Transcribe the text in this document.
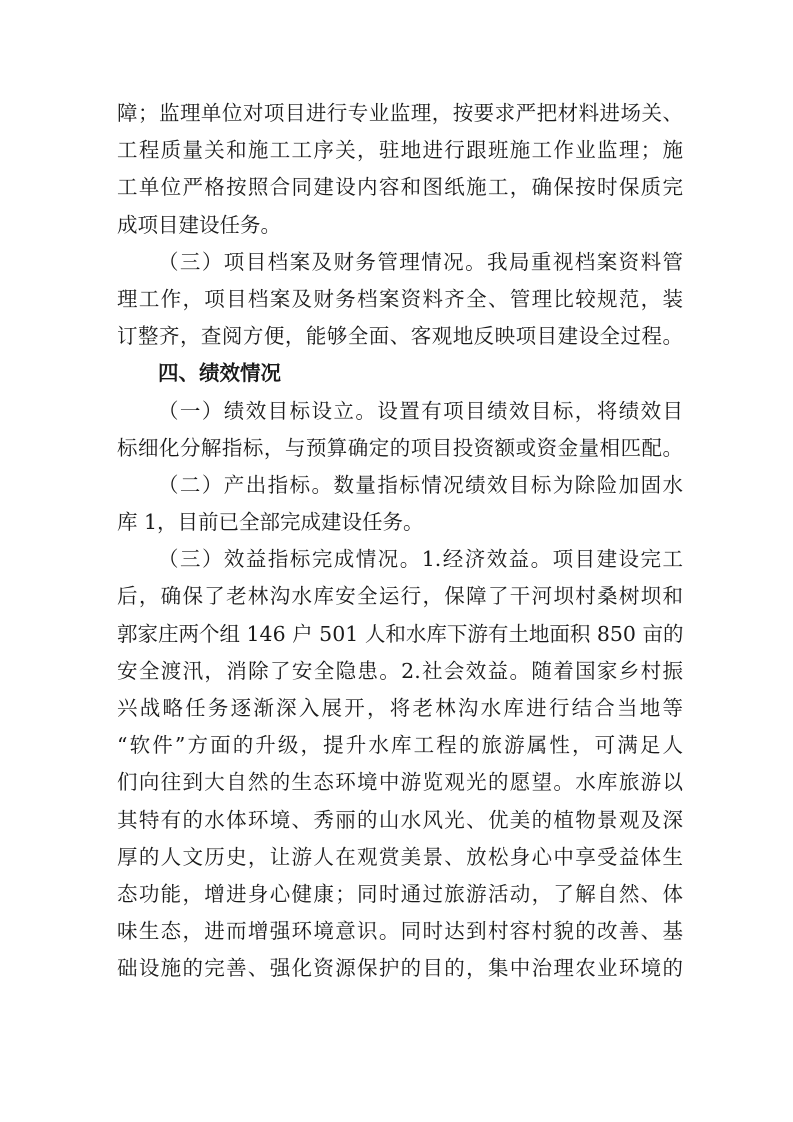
障；监理单位对项目进行专业监理，按要求严把材料进场关、
工程质量关和施工工序关，驻地进行跟班施工作业监理；施
工单位严格按照合同建设内容和图纸施工，确保按时保质完
成项目建设任务。
（三）项目档案及财务管理情况。我局重视档案资料管
理工作，项目档案及财务档案资料齐全、管理比较规范，装
订整齐，查阅方便，能够全面、客观地反映项目建设全过程。
四、绩效情况
（一）绩效目标设立。设置有项目绩效目标，将绩效目
标细化分解指标，与预算确定的项目投资额或资金量相匹配。
（二）产出指标。数量指标情况绩效目标为除险加固水
库 1，目前已全部完成建设任务。
（三）效益指标完成情况。1.经济效益。项目建设完工
后，确保了老林沟水库安全运行，保障了干河坝村桑树坝和
郭家庄两个组 146 户 501 人和水库下游有土地面积 850 亩的
安全渡汛，消除了安全隐患。2.社会效益。随着国家乡村振
兴战略任务逐渐深入展开，将老林沟水库进行结合当地等
“软件”方面的升级，提升水库工程的旅游属性，可满足人
们向往到大自然的生态环境中游览观光的愿望。水库旅游以
其特有的水体环境、秀丽的山水风光、优美的植物景观及深
厚的人文历史，让游人在观赏美景、放松身心中享受益体生
态功能，增进身心健康；同时通过旅游活动，了解自然、体
味生态，进而增强环境意识。同时达到村容村貌的改善、基
础设施的完善、强化资源保护的目的，集中治理农业环境的
